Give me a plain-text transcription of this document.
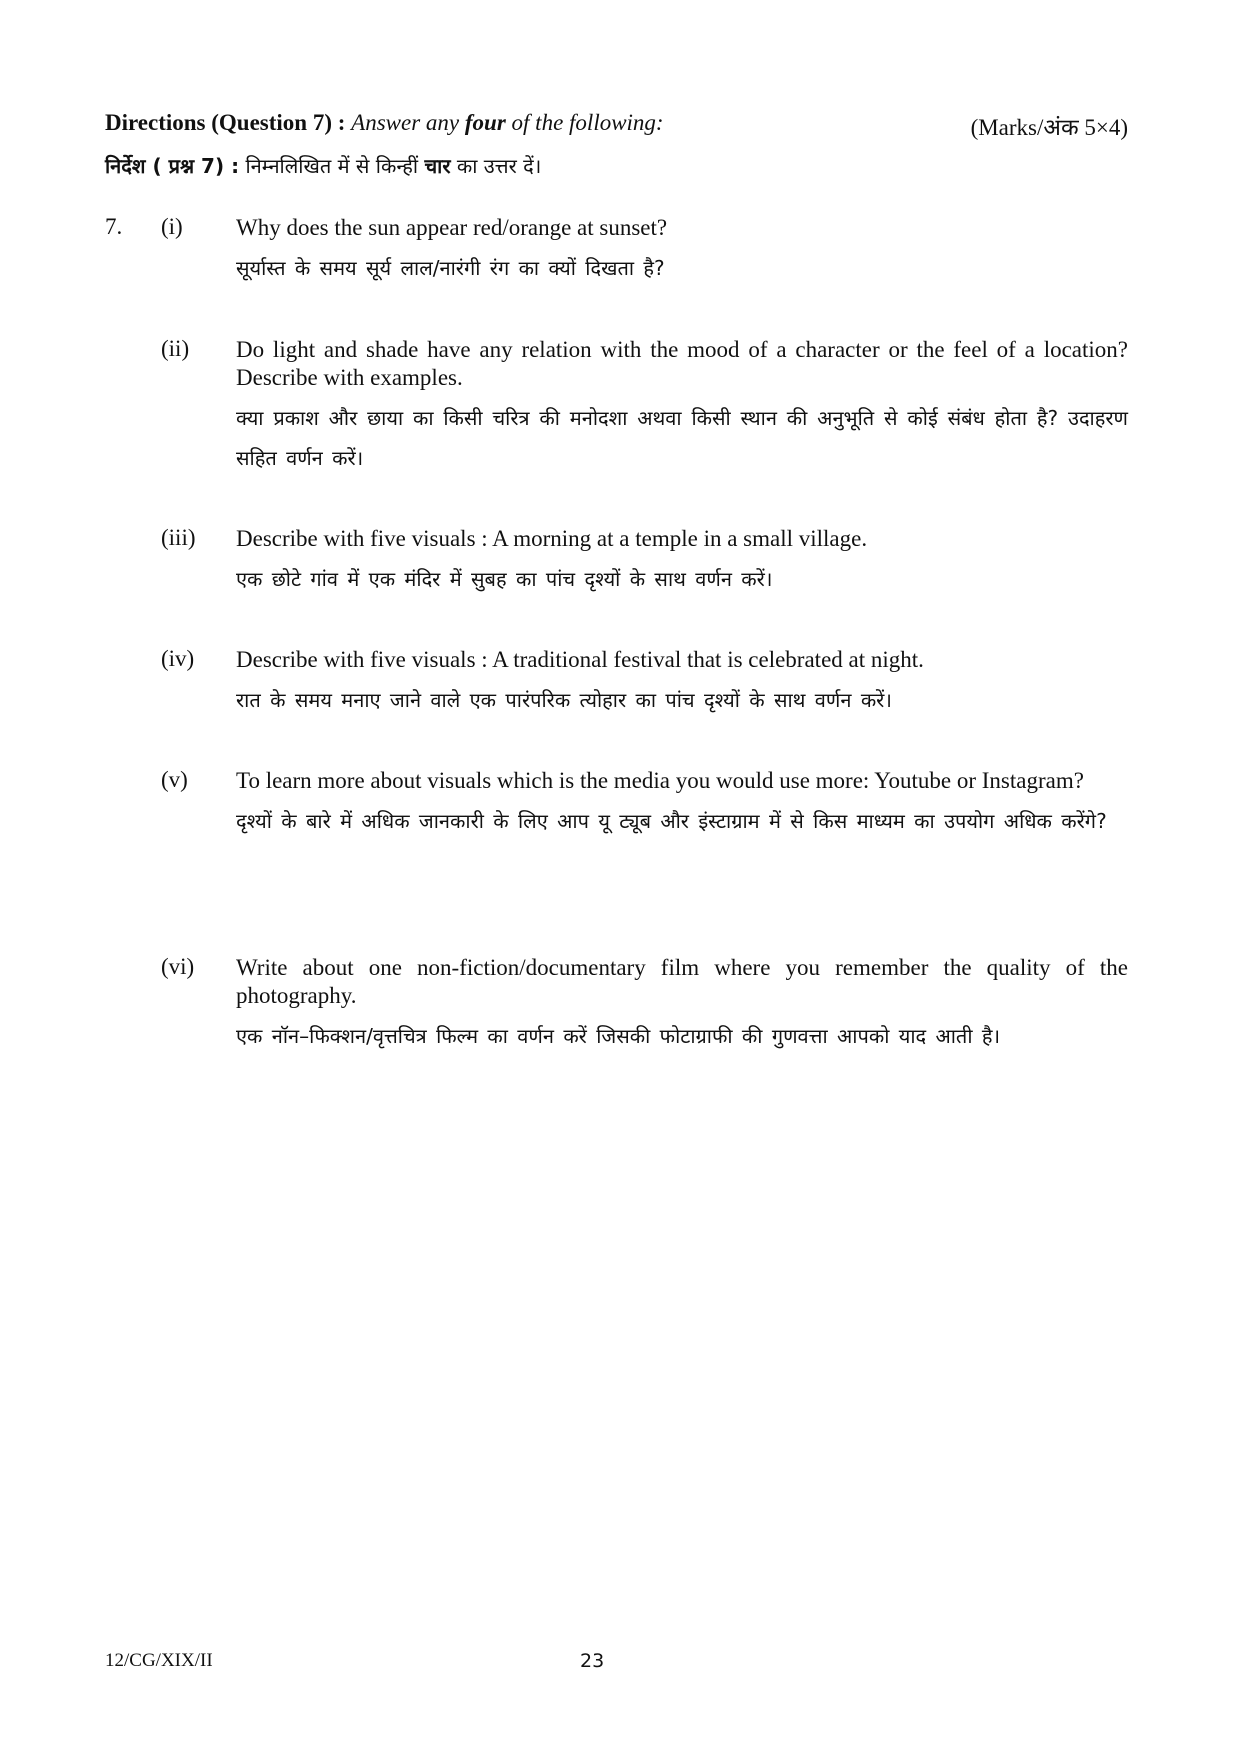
Directions (Question 7) : Answer any four of the following:	(Marks/अंक 5×4)
निर्देश ( प्रश्न 7) : निम्नलिखित में से किन्हीं चार का उत्तर दें।
7. (i) Why does the sun appear red/orange at sunset?
सूर्यास्त के समय सूर्य लाल/नारंगी रंग का क्यों दिखता है?
(ii) Do light and shade have any relation with the mood of a character or the feel of a location? Describe with examples.
क्या प्रकाश और छाया का किसी चरित्र की मनोदशा अथवा किसी स्थान की अनुभूति से कोई संबंध होता है? उदाहरण सहित वर्णन करें।
(iii) Describe with five visuals : A morning at a temple in a small village.
एक छोटे गांव में एक मंदिर में सुबह का पांच दृश्यों के साथ वर्णन करें।
(iv) Describe with five visuals : A traditional festival that is celebrated at night.
रात के समय मनाए जाने वाले एक पारंपरिक त्योहार का पांच दृश्यों के साथ वर्णन करें।
(v) To learn more about visuals which is the media you would use more: Youtube or Instagram?
दृश्यों के बारे में अधिक जानकारी के लिए आप यू ट्यूब और इंस्टाग्राम में से किस माध्यम का उपयोग अधिक करेंगे?
(vi) Write about one non-fiction/documentary film where you remember the quality of the photography.
एक नॉन–फिक्शन/वृत्तचित्र फिल्म का वर्णन करें जिसकी फोटाग्राफी की गुणवत्ता आपको याद आती है।
12/CG/XIX/II	23
